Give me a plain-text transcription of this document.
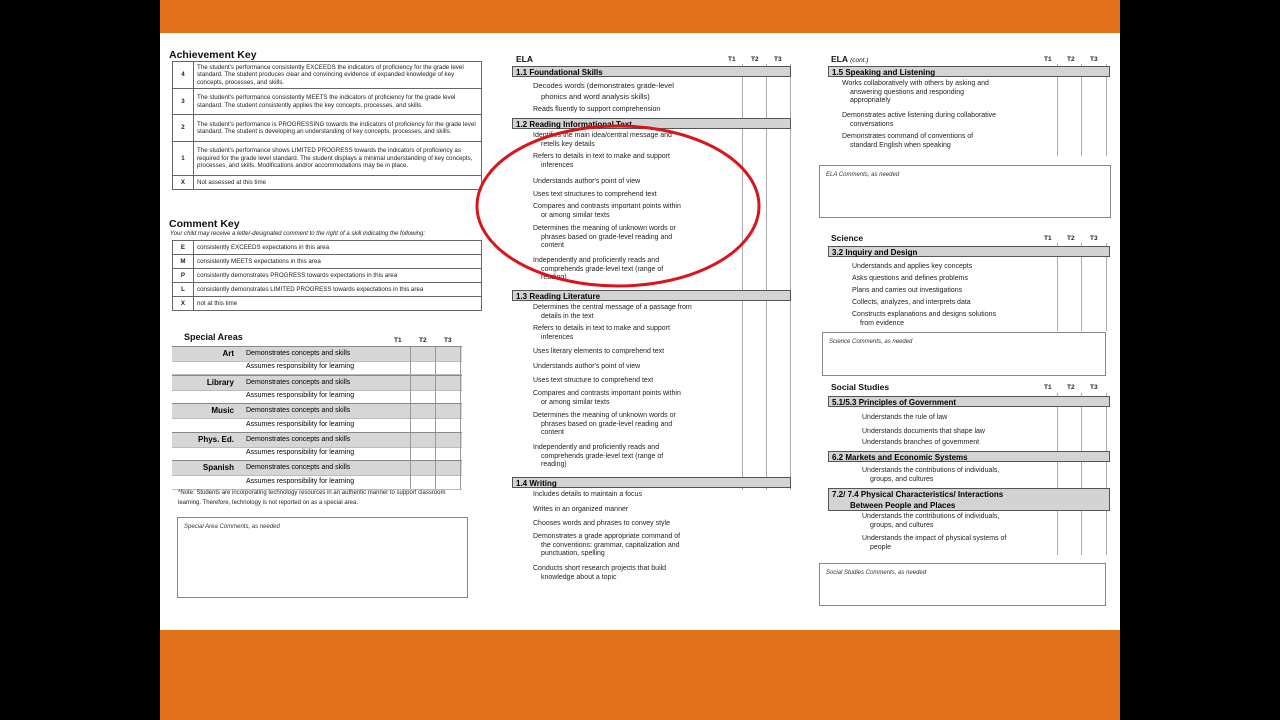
Achievement Key
4	The student's performance consistently EXCEEDS the indicators of proficiency for the grade level standard. The student produces clear and convincing evidence of expanded knowledge of key concepts, processes, and skills.
3	The student's performance consistently MEETS the indicators of proficiency for the grade level standard. The student consistently applies the key concepts, processes, and skills.
2	The student's performance is PROGRESSING towards the indicators of proficiency for the grade level standard. The student is developing an understanding of key concepts, processes, and skills.
1	The student's performance shows LIMITED PROGRESS towards the indicators of proficiency as required for the grade level standard. The student displays a minimal understanding of key concepts, processes, and skills. Modifications and/or accommodations may be in place.
X	Not assessed at this time
Comment Key
Your child may receive a letter-designated comment to the right of a skill indicating the following:
E	consistently EXCEEDS expectations in this area
M	consistently MEETS expectations in this area
P	consistently demonstrates PROGRESS towards expectations in this area
L	consistently demonstrates LIMITED PROGRESS towards expectations in this area
X	not at this time
Special Areas	T1	T2	T3
Art Demonstrates concepts and skills
Assumes responsibility for learning
Library Demonstrates concepts and skills
Assumes responsibility for learning
Music Demonstrates concepts and skills
Assumes responsibility for learning
Phys. Ed. Demonstrates concepts and skills
Assumes responsibility for learning
Spanish Demonstrates concepts and skills
Assumes responsibility for learning
*Note: Students are incorporating technology resources in an authentic manner to support classroom learning. Therefore, technology is not reported on as a special area.
Special Area Comments, as needed
ELA	T1 T2 T3
1.1 Foundational Skills
Decodes words (demonstrates grade-level

phonics and word analysis skills)
Reads fluently to support comprehension
1.2 Reading Informational Text
Identifies the main idea/central message and
retells key details
Refers to details in text to make and support
inferences
Understands author's point of view
Uses text structures to comprehend text
Compares and contrasts important points within
or among similar texts
Determines the meaning of unknown words or
phrases based on grade-level reading and
content
Independently and proficiently reads and
comprehends grade-level text (range of
reading)
1.3 Reading Literature
Determines the central message of a passage from
details in the text
Refers to details in text to make and support
inferences
Uses literary elements to comprehend text
Understands author's point of view
Uses text structure to comprehend text
Compares and contrasts important points within
or among similar texts
Determines the meaning of unknown words or
phrases based on grade-level reading and
content
Independently and proficiently reads and
comprehends grade-level text (range of
reading)
1.4 Writing
Includes details to maintain a focus
Writes in an organized manner
Chooses words and phrases to convey style
Demonstrates a grade appropriate command of
the conventions: grammar, capitalization and
punctuation, spelling
Conducts short research projects that build
knowledge about a topic
ELA (cont.)	T1 T2 T3
1.5 Speaking and Listening
Works collaboratively with others by asking and
answering questions and responding
appropriately
Demonstrates active listening during collaborative
conversations
Demonstrates command of conventions of
standard English when speaking
ELA Comments, as needed
Science	T1 T2 T3
3.2 Inquiry and Design
Understands and applies key concepts
Asks questions and defines problems
Plans and carries out investigations
Collects, analyzes, and interprets data
Constructs explanations and designs solutions
from evidence
Science Comments, as needed
Social Studies	T1 T2 T3
5.1/5.3 Principles of Government
Understands the rule of law
Understands documents that shape law
Understands branches of government
6.2 Markets and Economic Systems
Understands the contributions of individuals,
groups, and cultures
7.2/ 7.4 Physical Characteristics/ Interactions
Between People and Places
Understands the contributions of individuals,
groups, and cultures
Understands the impact of physical systems of
people
Social Studies Comments, as needed
